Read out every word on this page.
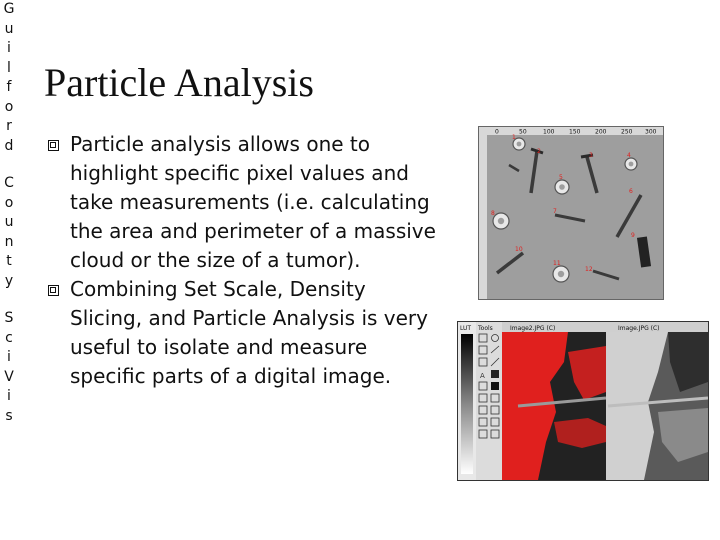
G
u
i
l
f
o
r
d
C
o
u
n
t
y
S
c
i
V
i
s
Particle Analysis
Particle analysis allows one to highlight specific pixel values and take measurements (i.e. calculating the area and perimeter of a massive cloud or the size of a tumor).
Combining Set Scale, Density Slicing, and Particle Analysis is very useful to isolate and measure specific parts of a digital image.
0	50	100 150 200 250 300
1
2
3	4
5
6
7
8
9
10
11
12
LUT Tools
A
Image2.JPG (C)	Image.JPG (C)
